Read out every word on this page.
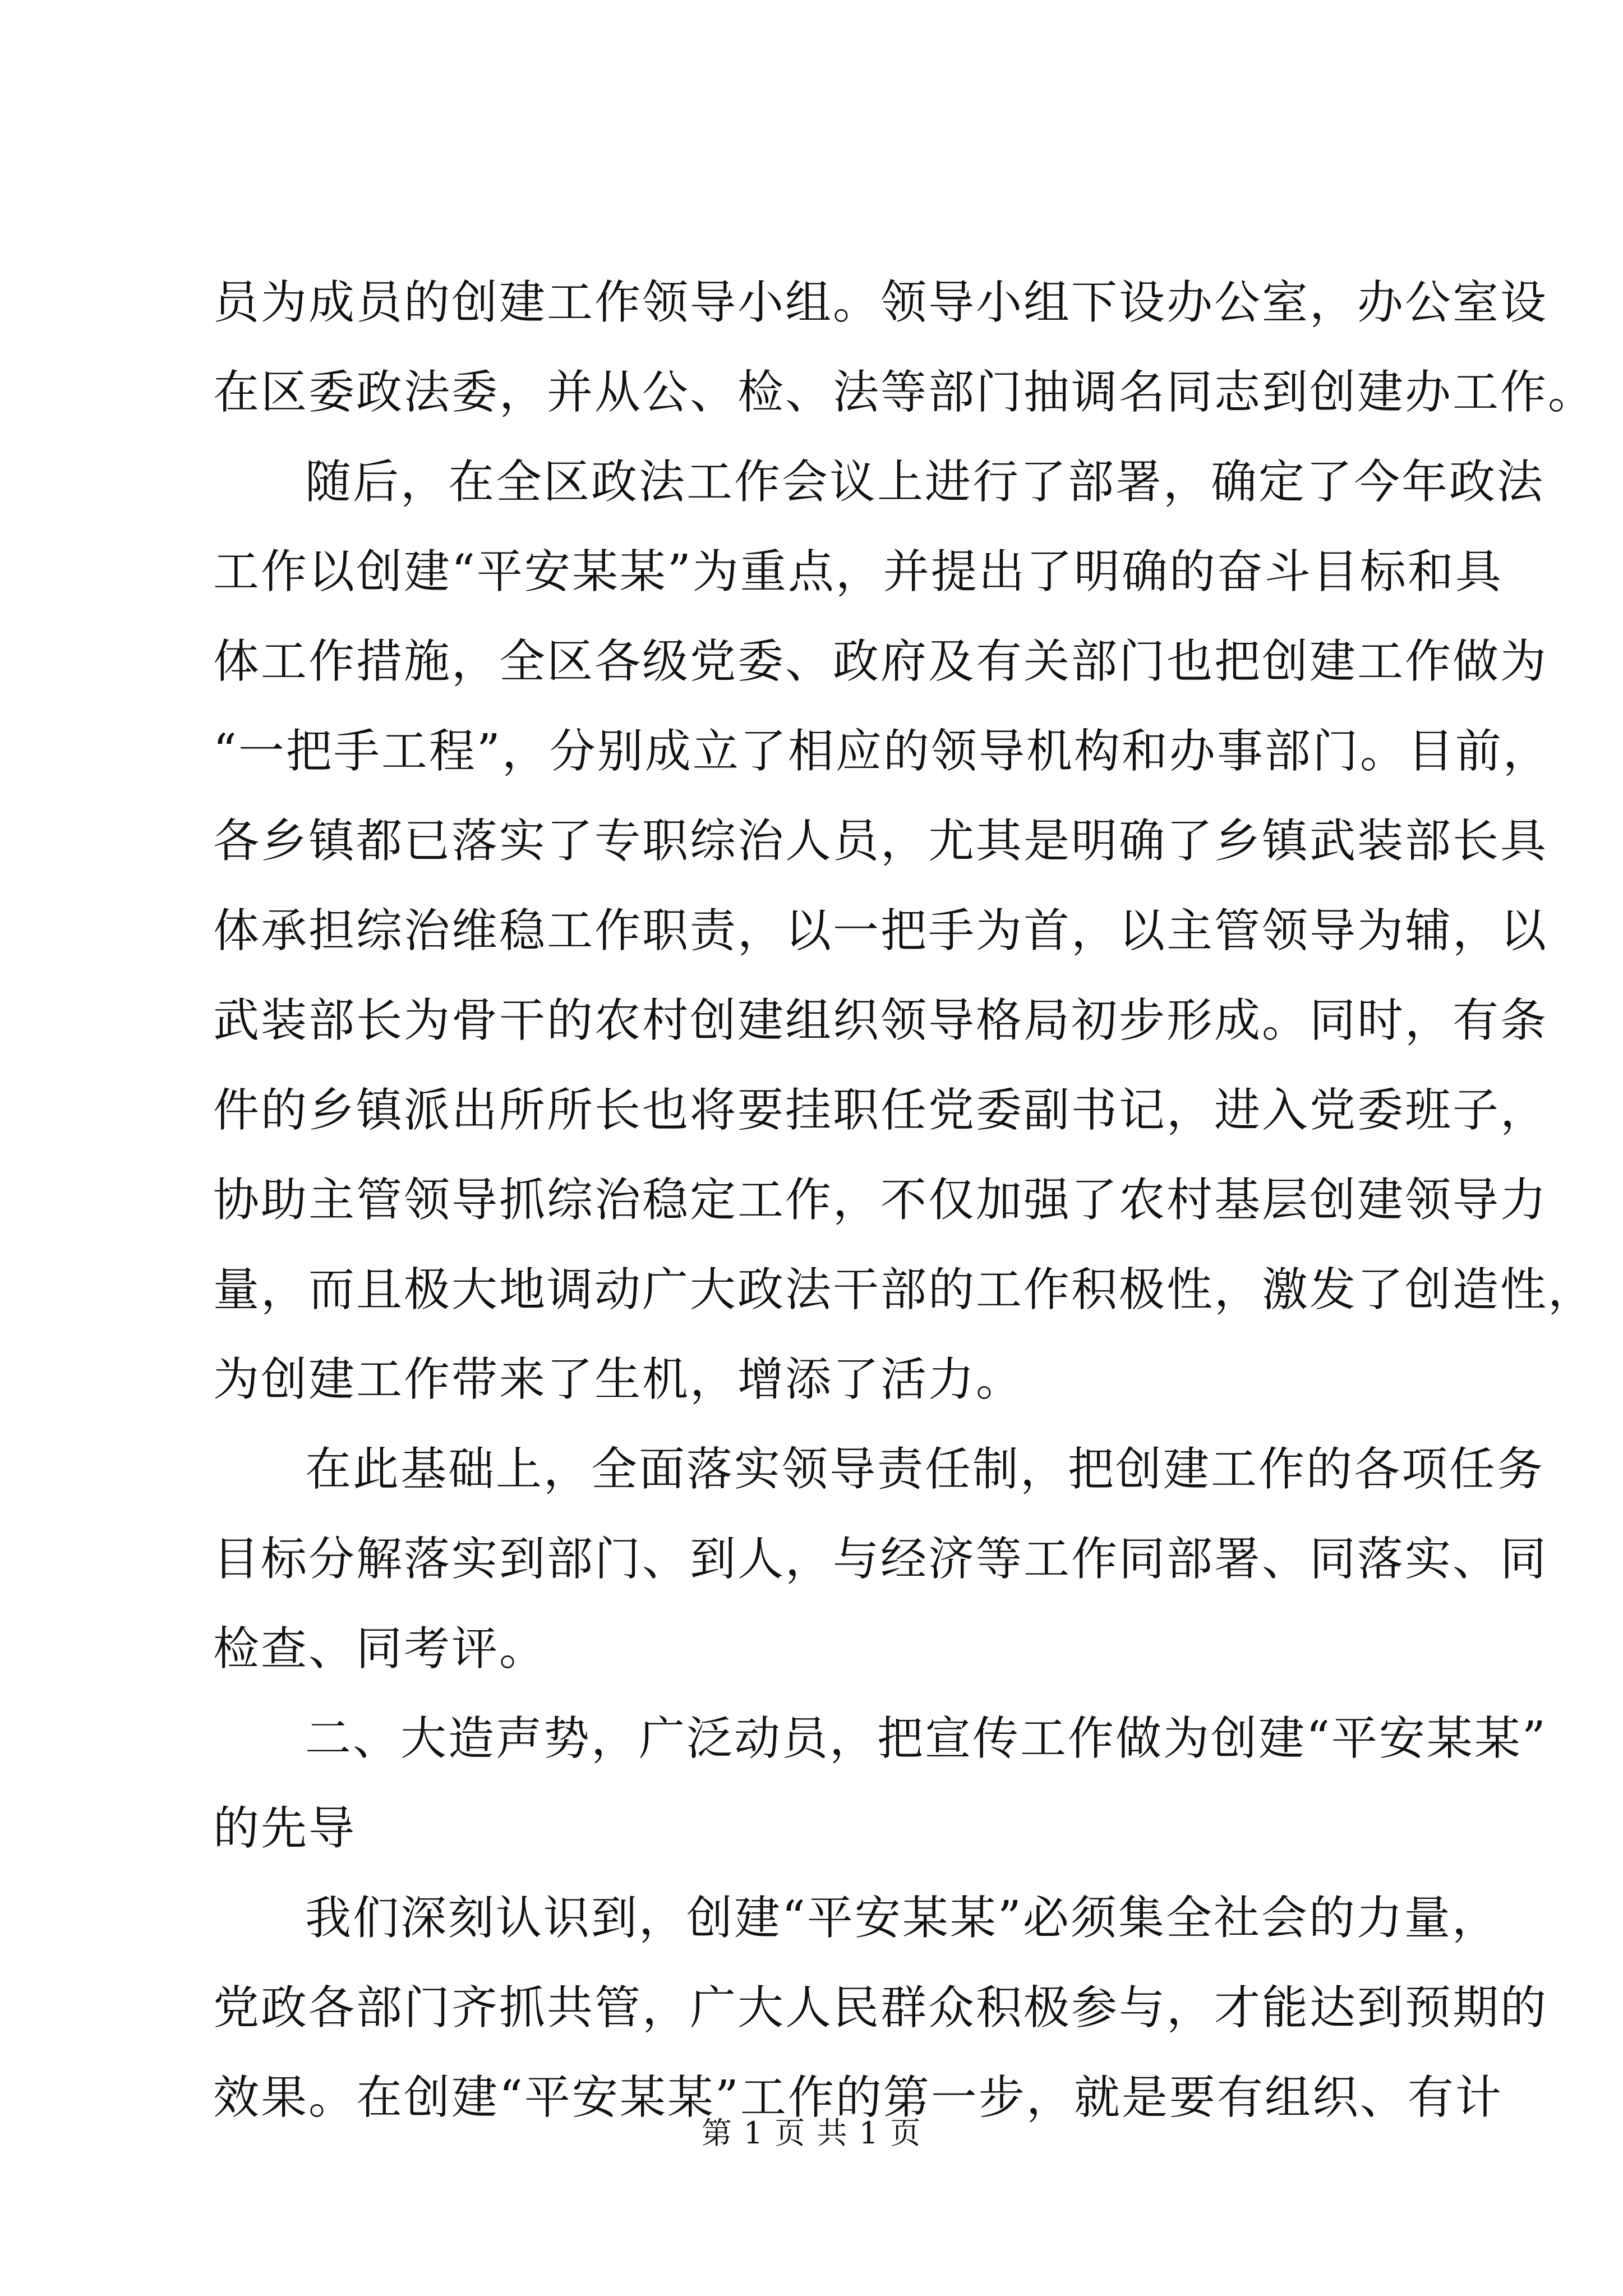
员为成员的创建工作领导小组。领导小组下设办公室，办公室设
在区委政法委，并从公、检、法等部门抽调名同志到创建办工作。
随后，在全区政法工作会议上进行了部署，确定了今年政法
工作以创建“平安某某”为重点，并提出了明确的奋斗目标和具
体工作措施，全区各级党委、政府及有关部门也把创建工作做为
“一把手工程”，分别成立了相应的领导机构和办事部门。目前，
各乡镇都已落实了专职综治人员，尤其是明确了乡镇武装部长具
体承担综治维稳工作职责，以一把手为首，以主管领导为辅，以
武装部长为骨干的农村创建组织领导格局初步形成。同时，有条
件的乡镇派出所所长也将要挂职任党委副书记，进入党委班子，
协助主管领导抓综治稳定工作，不仅加强了农村基层创建领导力
量，而且极大地调动广大政法干部的工作积极性，激发了创造性，
为创建工作带来了生机，增添了活力。
在此基础上，全面落实领导责任制，把创建工作的各项任务
目标分解落实到部门、到人，与经济等工作同部署、同落实、同
检查、同考评。
二、大造声势，广泛动员，把宣传工作做为创建“平安某某”
的先导
我们深刻认识到，创建“平安某某”必须集全社会的力量，
党政各部门齐抓共管，广大人民群众积极参与，才能达到预期的
效果。在创建“平安某某”工作的第一步，就是要有组织、有计
第 1 页 共 1 页
